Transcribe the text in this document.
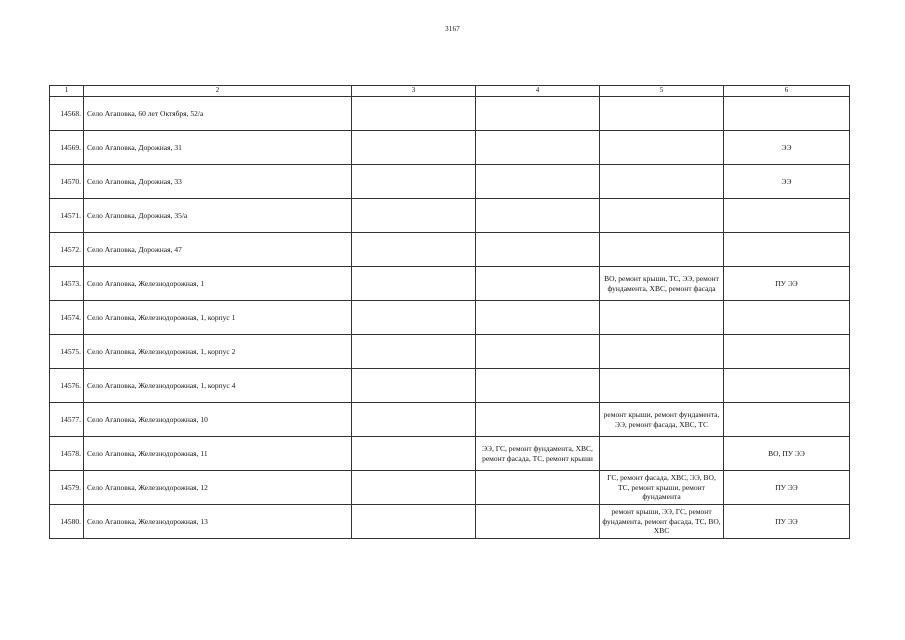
3167
1	2	3	4	5	6
14568.	Село Агаповка, 60 лет Октября, 52/а				
14569.	Село Агаповка, Дорожная, 31				ЭЭ
14570.	Село Агаповка, Дорожная, 33				ЭЭ
14571.	Село Агаповка, Дорожная, 35/а				
14572.	Село Агаповка, Дорожная, 47				
14573.	Село Агаповка, Железнодорожная, 1			ВО, ремонт крыши, ТС, ЭЭ, ремонт фундамента, ХВС, ремонт фасада	ПУ ЭЭ
14574.	Село Агаповка, Железнодорожная, 1, корпус 1				
14575.	Село Агаповка, Железнодорожная, 1, корпус 2				
14576.	Село Агаповка, Железнодорожная, 1, корпус 4				
14577.	Село Агаповка, Железнодорожная, 10			ремонт крыши, ремонт фундамента, ЭЭ, ремонт фасада, ХВС, ТС	
14578.	Село Агаповка, Железнодорожная, 11		ЭЭ, ГС, ремонт фундамента, ХВС, ремонт фасада, ТС, ремонт крыши		ВО, ПУ ЭЭ
14579.	Село Агаповка, Железнодорожная, 12			ГС, ремонт фасада, ХВС, ЭЭ, ВО, ТС, ремонт крыши, ремонт фундамента	ПУ ЭЭ
14580.	Село Агаповка, Железнодорожная, 13			ремонт крыши, ЭЭ, ГС, ремонт фундамента, ремонт фасада, ТС, ВО, ХВС	ПУ ЭЭ
